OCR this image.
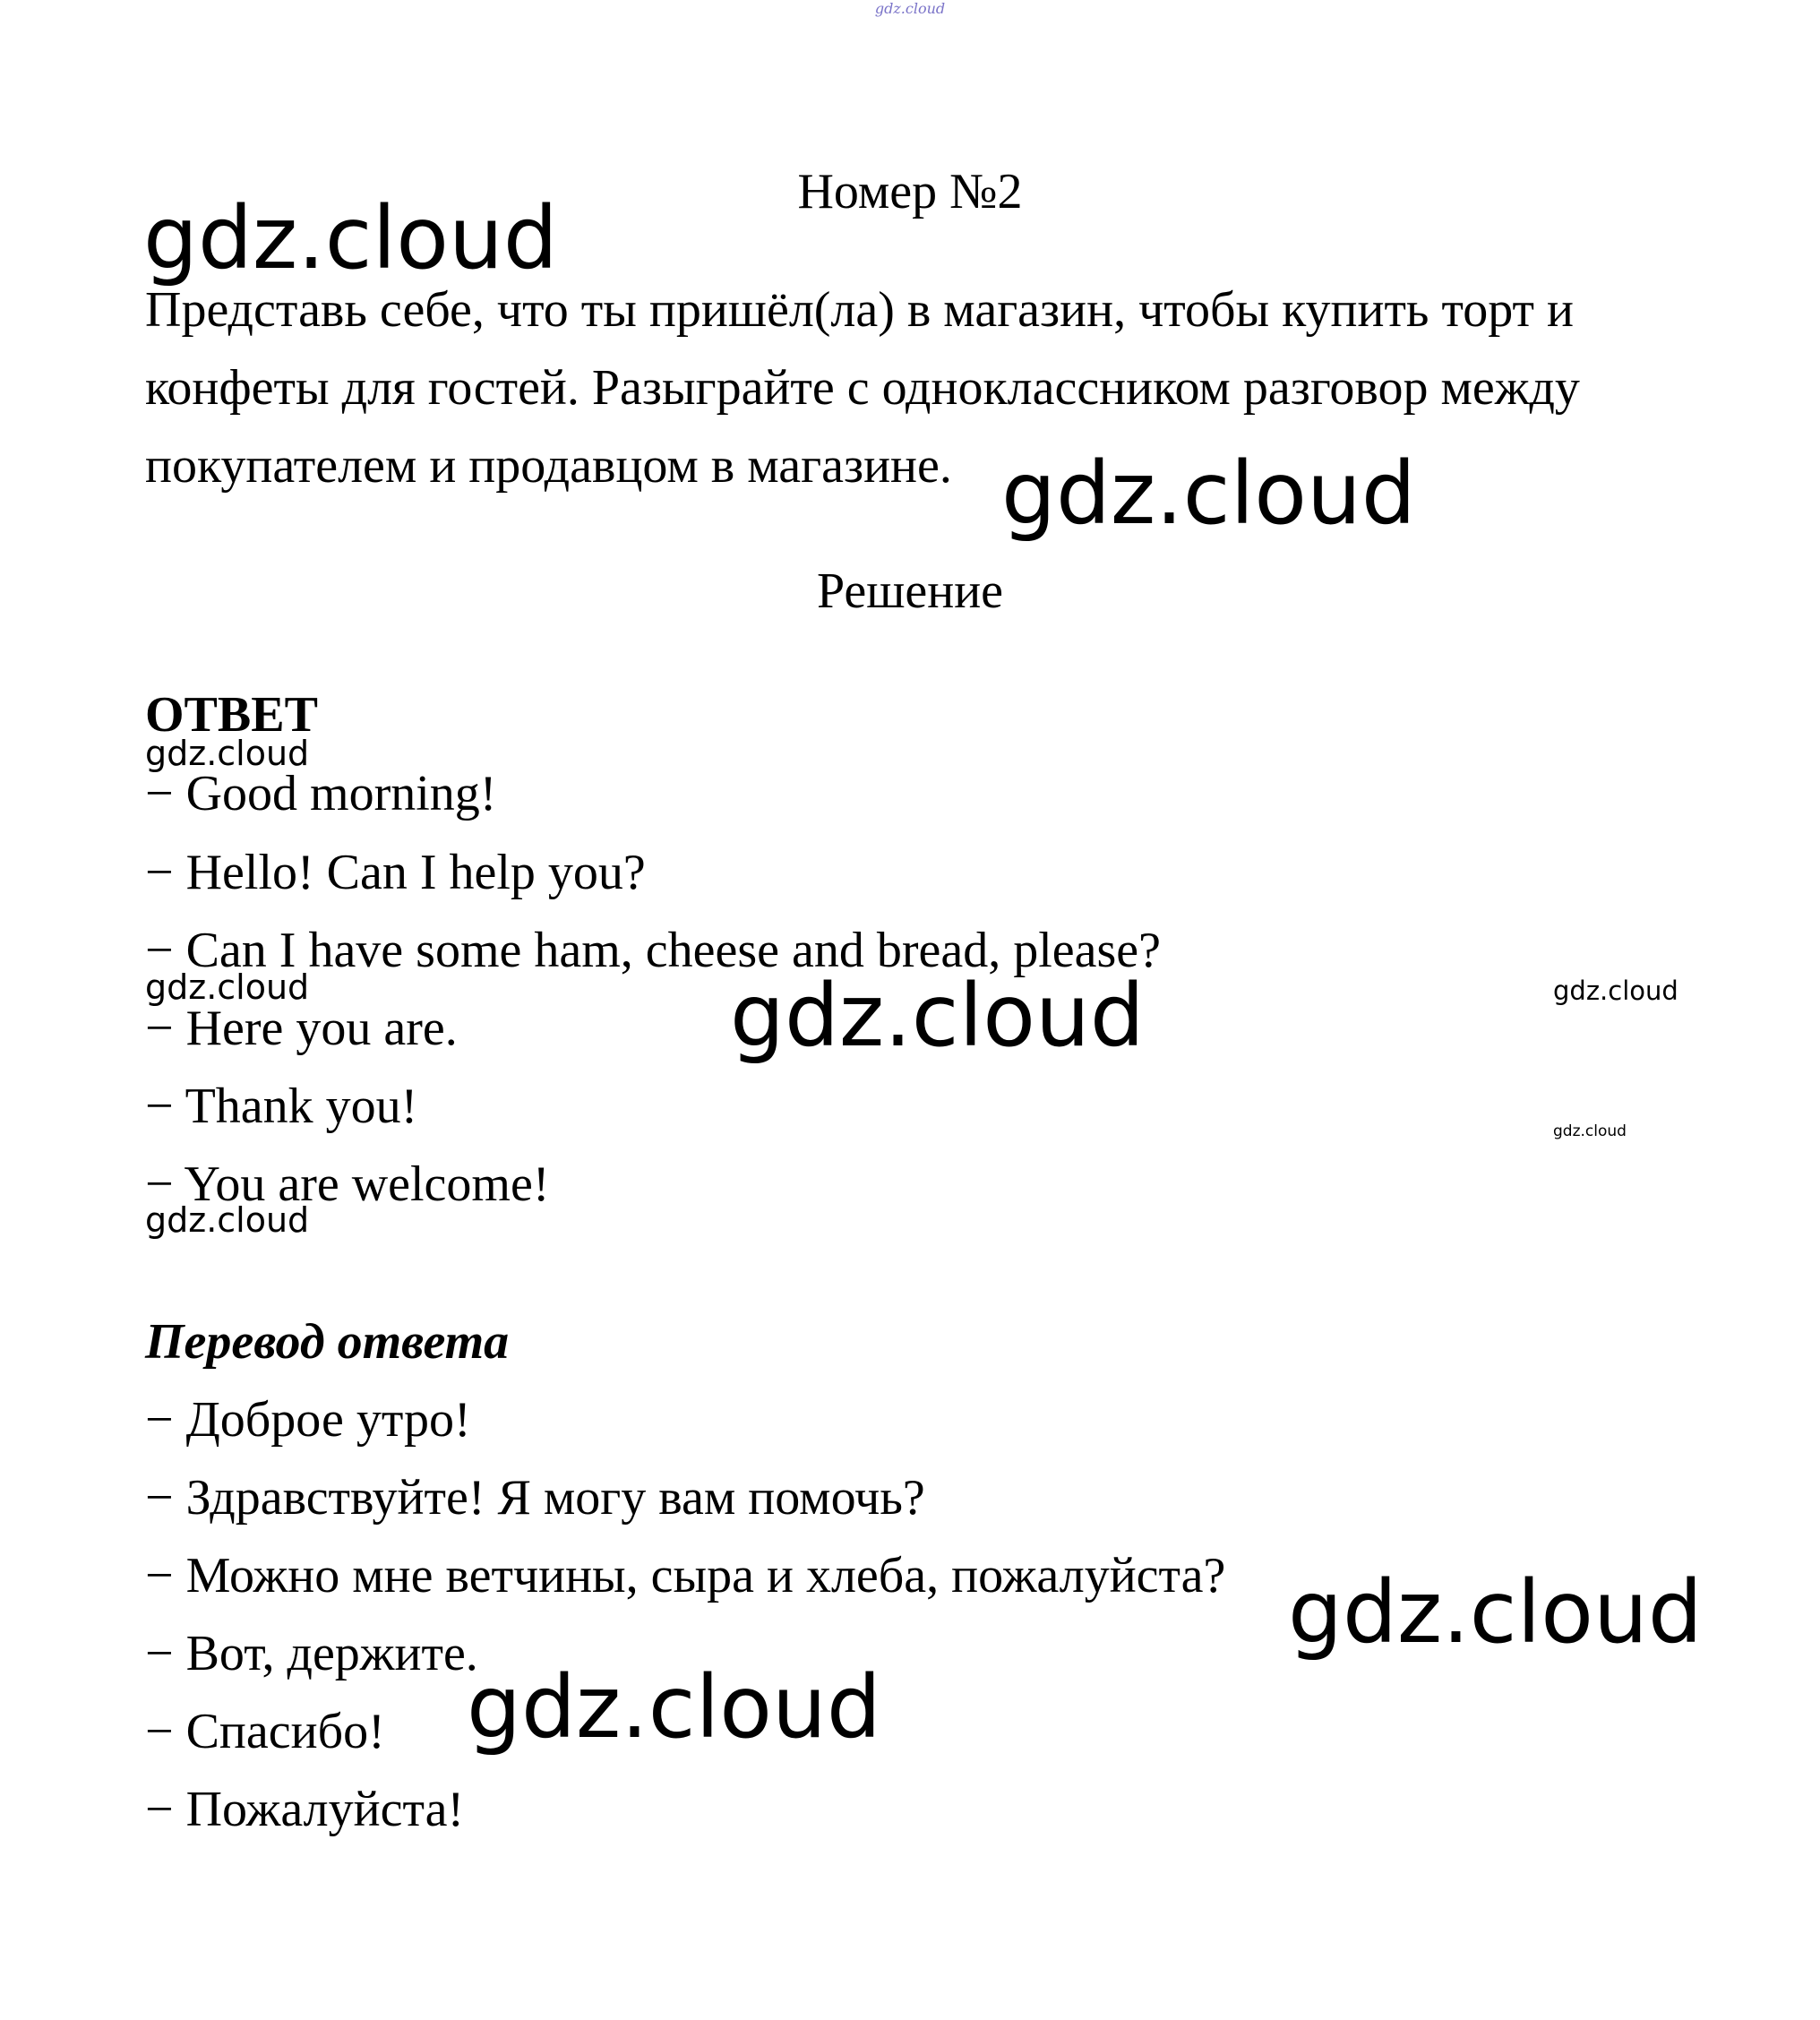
gdz.cloud
Номер №2
Представь себе, что ты пришёл(ла) в магазин, чтобы купить торт и
конфеты для гостей. Разыграйте с одноклассником разговор между
покупателем и продавцом в магазине.
Решение
ОТВЕТ
− Good morning!
− Hello! Can I help you?
− Can I have some ham, cheese and bread, please?
− Here you are.
− Thank you!
− You are welcome!
Перевод ответа
− Доброе утро!
− Здравствуйте! Я могу вам помочь?
− Можно мне ветчины, сыра и хлеба, пожалуйста?
− Вот, держите.
− Спасибо!
− Пожалуйста!
gdz.cloud
gdz.cloud
gdz.cloud
gdz.cloud	gdz.cloud	gdz.cloud
gdz.cloud
gdz.cloud
gdz.cloud
gdz.cloud
